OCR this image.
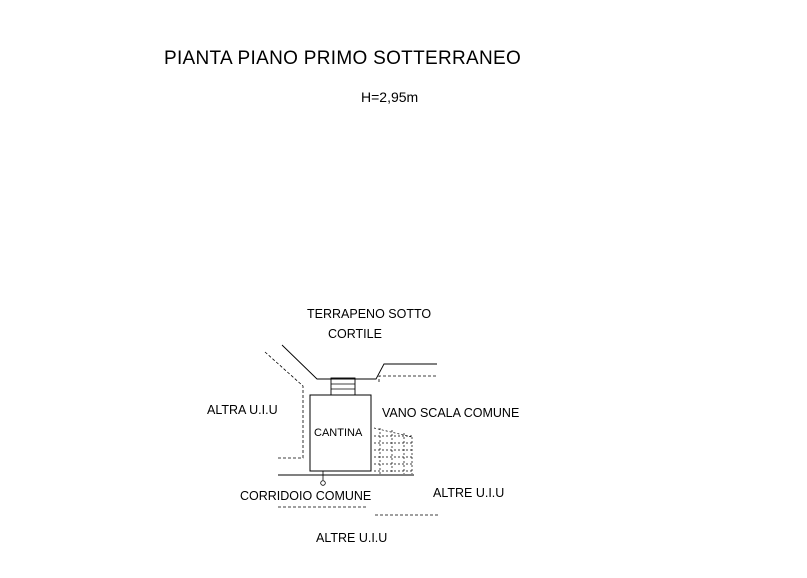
PIANTA PIANO PRIMO SOTTERRANEO
H=2,95m
TERRAPENO SOTTO
CORTILE
ALTRA U.I.U	VANO SCALA COMUNE
CANTINA
CORRIDOIO COMUNE	ALTRE U.I.U
ALTRE U.I.U
